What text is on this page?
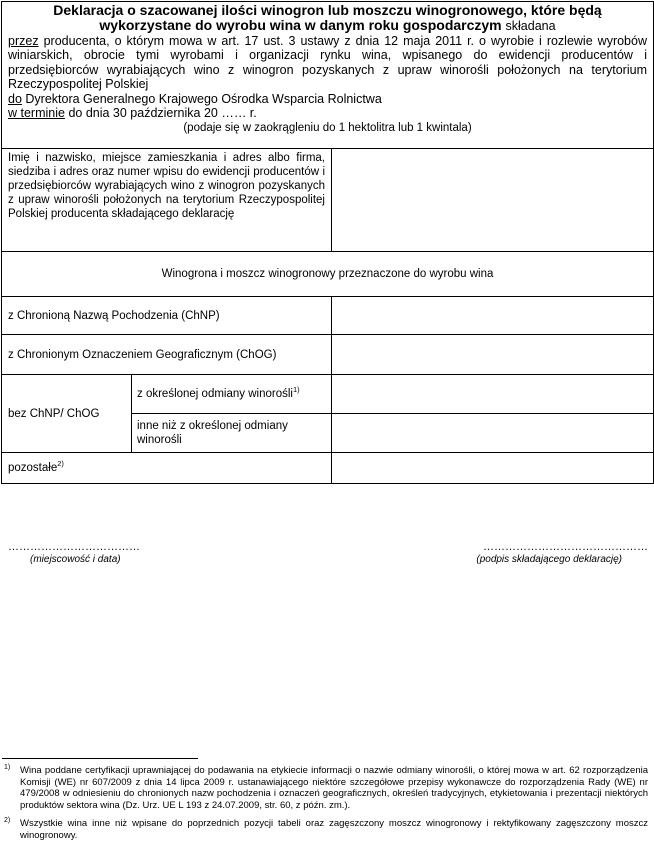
Deklaracja o szacowanej ilości winogron lub moszczu winogronowego, które będą wykorzystane do wyrobu wina w danym roku gospodarczym składana

przez producenta, o którym mowa w art. 17 ust. 3 ustawy z dnia 12 maja 2011 r. o wyrobie i rozlewie wyrobów winiarskich, obrocie tymi wyrobami i organizacji rynku wina, wpisanego do ewidencji producentów i przedsiębiorców wyrabiających wino z winogron pozyskanych z upraw winorośli położonych na terytorium Rzeczypospolitej Polskiej

do Dyrektora Generalnego Krajowego Ośrodka Wsparcia Rolnictwa

w terminie do dnia 30 października 20 …… r.

(podaje się w zaokrągleniu do 1 hektolitra lub 1 kwintala)		

Imię i nazwisko, miejsce zamieszkania i adres albo firma, siedziba i adres oraz numer wpisu do ewidencji producentów i przedsiębiorców wyrabiających wino z winogron pozyskanych z upraw winorośli położonych na terytorium Rzeczypospolitej Polskiej producenta składającego deklarację		
Winogrona i moszcz winogronowy przeznaczone do wyrobu wina		
z Chronioną Nazwą Pochodzenia (ChNP)		
z Chronionym Oznaczeniem Geograficznym (ChOG)		
bez ChNP/ ChOG	z określonej odmiany winorośli$^{1)}$	
	inne niż z określonej odmiany winorośli	
pozostałe$^{2)}$	
………………………………
(miejscowość i data)
………………………………………
(podpis składającego deklarację)
1) Wina poddane certyfikacji uprawniającej do podawania na etykiecie informacji o nazwie odmiany winorośli, o której mowa w art. 62 rozporządzenia Komisji (WE) nr 607/2009 z dnia 14 lipca 2009 r. ustanawiającego niektóre szczegółowe przepisy wykonawcze do rozporządzenia Rady (WE) nr 479/2008 w odniesieniu do chronionych nazw pochodzenia i oznaczeń geograficznych, określeń tradycyjnych, etykietowania i prezentacji niektórych produktów sektora wina (Dz. Urz. UE L 193 z 24.07.2009, str. 60, z późn. zm.).
2) Wszystkie wina inne niż wpisane do poprzednich pozycji tabeli oraz zagęszczony moszcz winogronowy i rektyfikowany zagęszczony moszcz winogronowy.
